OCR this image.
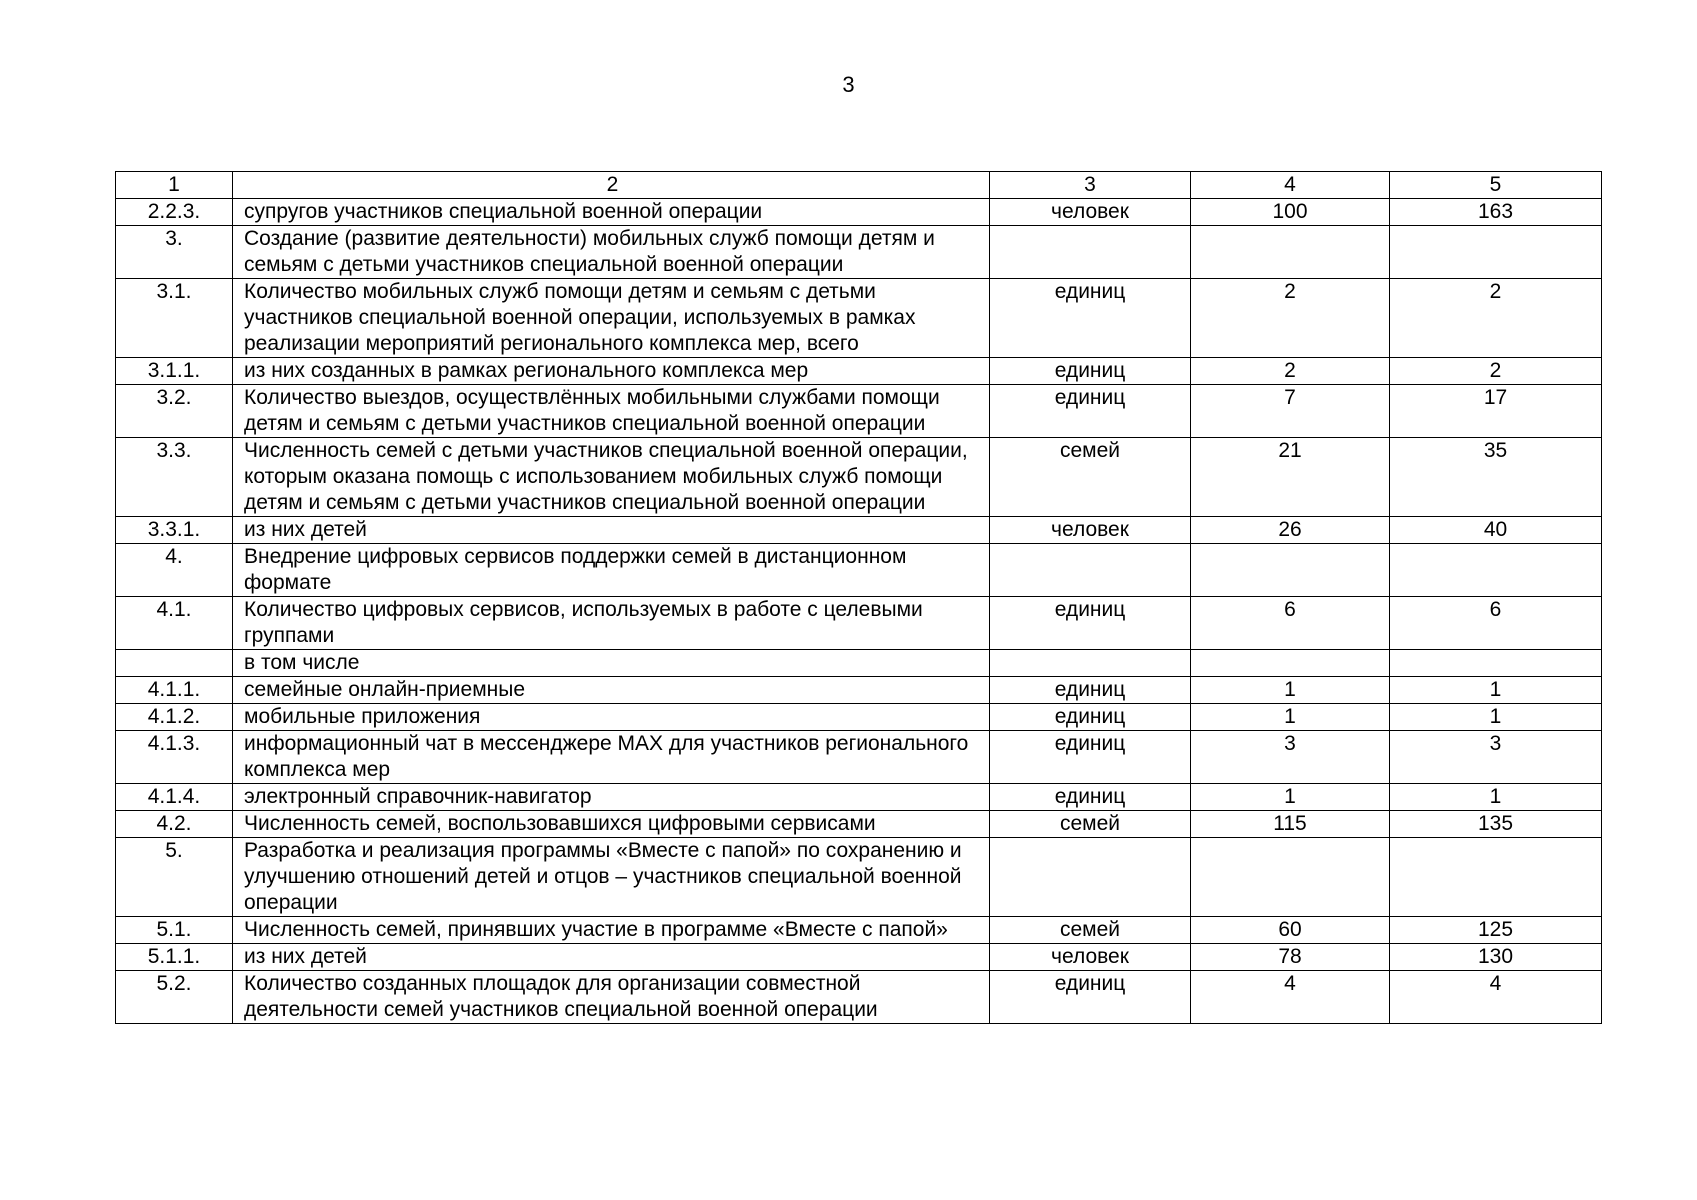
3
1	2	3	4	5
2.2.3.	супругов участников специальной военной операции	человек	100	163
3.	Создание (развитие деятельности) мобильных служб помощи детям и семьям с детьми участников специальной военной операции			
3.1.	Количество мобильных служб помощи детям и семьям с детьми участников специальной военной операции, используемых в рамках реализации мероприятий регионального комплекса мер, всего	единиц	2	2
3.1.1.	из них созданных в рамках регионального комплекса мер	единиц	2	2
3.2.	Количество выездов, осуществлённых мобильными службами помощи детям и семьям с детьми участников специальной военной операции	единиц	7	17
3.3.	Численность семей с детьми участников специальной военной операции, которым оказана помощь с использованием мобильных служб помощи детям и семьям с детьми участников специальной военной операции	семей	21	35
3.3.1.	из них детей	человек	26	40
4.	Внедрение цифровых сервисов поддержки семей в дистанционном формате			
4.1.	Количество цифровых сервисов, используемых в работе с целевыми группами	единиц	6	6
	в том числе			
4.1.1.	семейные онлайн-приемные	единиц	1	1
4.1.2.	мобильные приложения	единиц	1	1
4.1.3.	информационный чат в мессенджере MAX для участников регионального комплекса мер	единиц	3	3
4.1.4.	электронный справочник-навигатор	единиц	1	1
4.2.	Численность семей, воспользовавшихся цифровыми сервисами	семей	115	135
5.	Разработка и реализация программы «Вместе с папой» по сохранению и улучшению отношений детей и отцов – участников специальной военной операции			
5.1.	Численность семей, принявших участие в программе «Вместе с папой»	семей	60	125
5.1.1.	из них детей	человек	78	130
5.2.	Количество созданных площадок для организации совместной деятельности семей участников специальной военной операции	единиц	4	4
